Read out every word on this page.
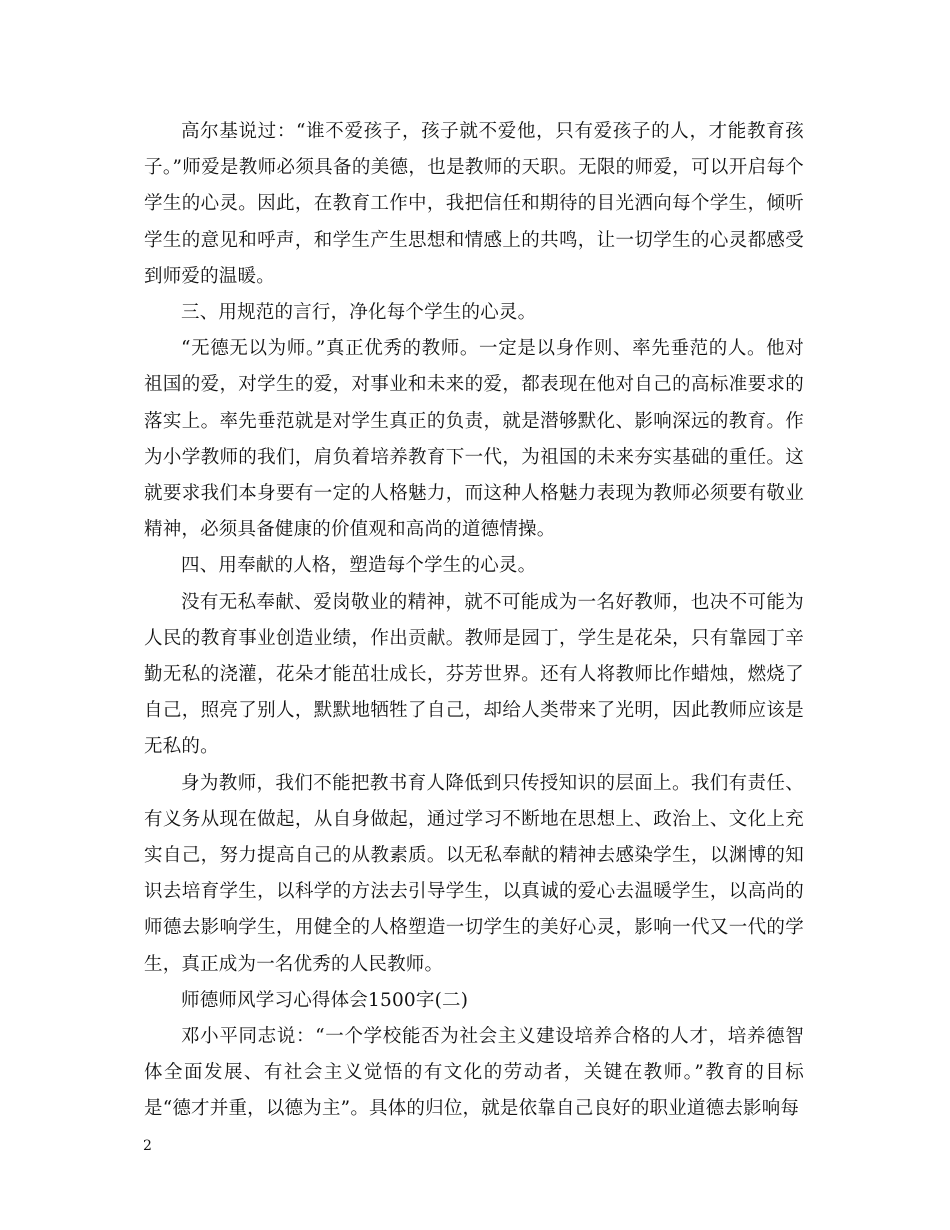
高尔基说过：“谁不爱孩子，孩子就不爱他，只有爱孩子的人，才能教育孩子。”师爱是教师必须具备的美德，也是教师的天职。无限的师爱，可以开启每个学生的心灵。因此，在教育工作中，我把信任和期待的目光洒向每个学生，倾听学生的意见和呼声，和学生产生思想和情感上的共鸣，让一切学生的心灵都感受到师爱的温暖。

三、用规范的言行，净化每个学生的心灵。

“无德无以为师。”真正优秀的教师。一定是以身作则、率先垂范的人。他对祖国的爱，对学生的爱，对事业和未来的爱，都表现在他对自己的高标准要求的落实上。率先垂范就是对学生真正的负责，就是潜够默化、影响深远的教育。作为小学教师的我们，肩负着培养教育下一代，为祖国的未来夯实基础的重任。这就要求我们本身要有一定的人格魅力，而这种人格魅力表现为教师必须要有敬业精神，必须具备健康的价值观和高尚的道德情操。

四、用奉献的人格，塑造每个学生的心灵。

没有无私奉献、爱岗敬业的精神，就不可能成为一名好教师，也决不可能为人民的教育事业创造业绩，作出贡献。教师是园丁，学生是花朵，只有靠园丁辛勤无私的浇灌，花朵才能茁壮成长，芬芳世界。还有人将教师比作蜡烛，燃烧了自己，照亮了别人，默默地牺牲了自己，却给人类带来了光明，因此教师应该是无私的。

身为教师，我们不能把教书育人降低到只传授知识的层面上。我们有责任、有义务从现在做起，从自身做起，通过学习不断地在思想上、政治上、文化上充实自己，努力提高自己的从教素质。以无私奉献的精神去感染学生，以渊博的知识去培育学生，以科学的方法去引导学生，以真诚的爱心去温暖学生，以高尚的师德去影响学生，用健全的人格塑造一切学生的美好心灵，影响一代又一代的学生，真正成为一名优秀的人民教师。

师德师风学习心得体会1500字(二)

邓小平同志说：“一个学校能否为社会主义建设培养合格的人才，培养德智体全面发展、有社会主义觉悟的有文化的劳动者，关键在教师。”教育的目标是“德才并重，以德为主”。具体的归位，就是依靠自己良好的职业道德去影响每

2
